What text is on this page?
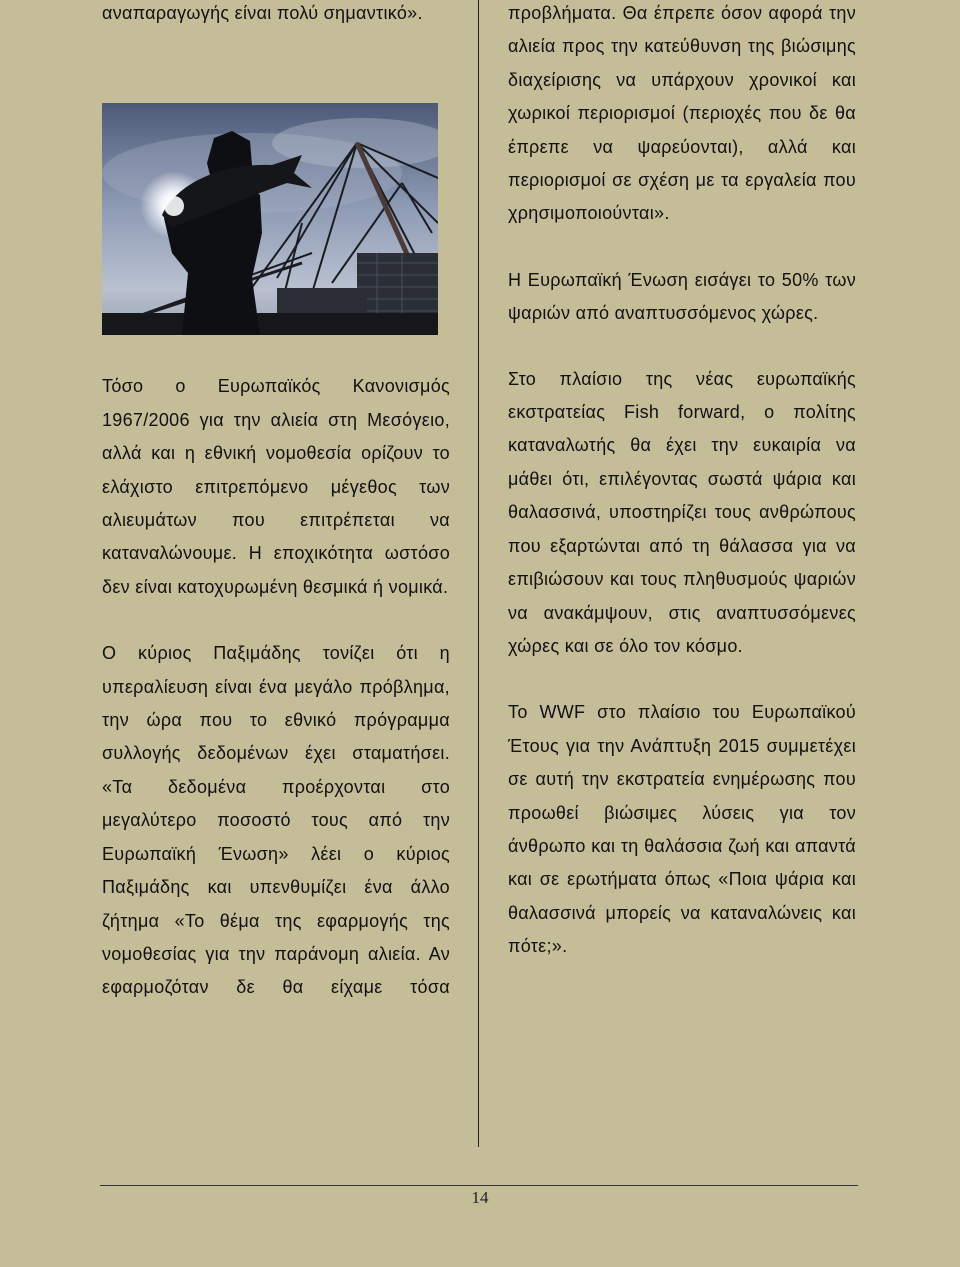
αναπαραγωγής είναι πολύ σημαντικό».

Τόσο ο Ευρωπαϊκός Κανονισμός 1967/2006 για την αλιεία στη Μεσόγειο, αλλά και η εθνική νομοθεσία ορίζουν το ελάχιστο επιτρεπόμενο μέγεθος των αλιευμάτων που επιτρέπεται να καταναλώνουμε. Η εποχικότητα ωστόσο δεν είναι κατοχυρωμένη θεσμικά ή νομικά.

Ο κύριος Παξιμάδης τονίζει ότι η υπεραλίευση είναι ένα μεγάλο πρόβλημα, την ώρα που το εθνικό πρόγραμμα συλλογής δεδομένων έχει σταματήσει. «Τα δεδομένα προέρχονται στο μεγαλύτερο ποσοστό τους από την Ευρωπαϊκή Ένωση» λέει ο κύριος Παξιμάδης και υπενθυμίζει ένα άλλο ζήτημα «Το θέμα της εφαρμογής της νομοθεσίας για την παράνομη αλιεία. Αν εφαρμοζόταν δε θα είχαμε τόσα

προβλήματα. Θα έπρεπε όσον αφορά την αλιεία προς την κατεύθυνση της βιώσιμης διαχείρισης να υπάρχουν χρονικοί και χωρικοί περιορισμοί (περιοχές που δε θα έπρεπε να ψαρεύονται), αλλά και περιορισμοί σε σχέση με τα εργαλεία που χρησιμοποιούνται».

Η Ευρωπαϊκή Ένωση εισάγει το 50% των ψαριών από αναπτυσσόμενος χώρες.

Στο πλαίσιο της νέας ευρωπαϊκής εκστρατείας Fish forward, ο πολίτης καταναλωτής θα έχει την ευκαιρία να μάθει ότι, επιλέγοντας σωστά ψάρια και θαλασσινά, υποστηρίζει τους ανθρώπους που εξαρτώνται από τη θάλασσα για να επιβιώσουν και τους πληθυσμούς ψαριών να ανακάμψουν, στις αναπτυσσόμενες χώρες και σε όλο τον κόσμο.

Το WWF στο πλαίσιο του Ευρωπαϊκού Έτους για την Ανάπτυξη 2015 συμμετέχει σε αυτή την εκστρατεία ενημέρωσης που προωθεί βιώσιμες λύσεις για τον άνθρωπο και τη θαλάσσια ζωή και απαντά και σε ερωτήματα όπως «Ποια ψάρια και θαλασσινά μπορείς να καταναλώνεις και πότε;».

14
